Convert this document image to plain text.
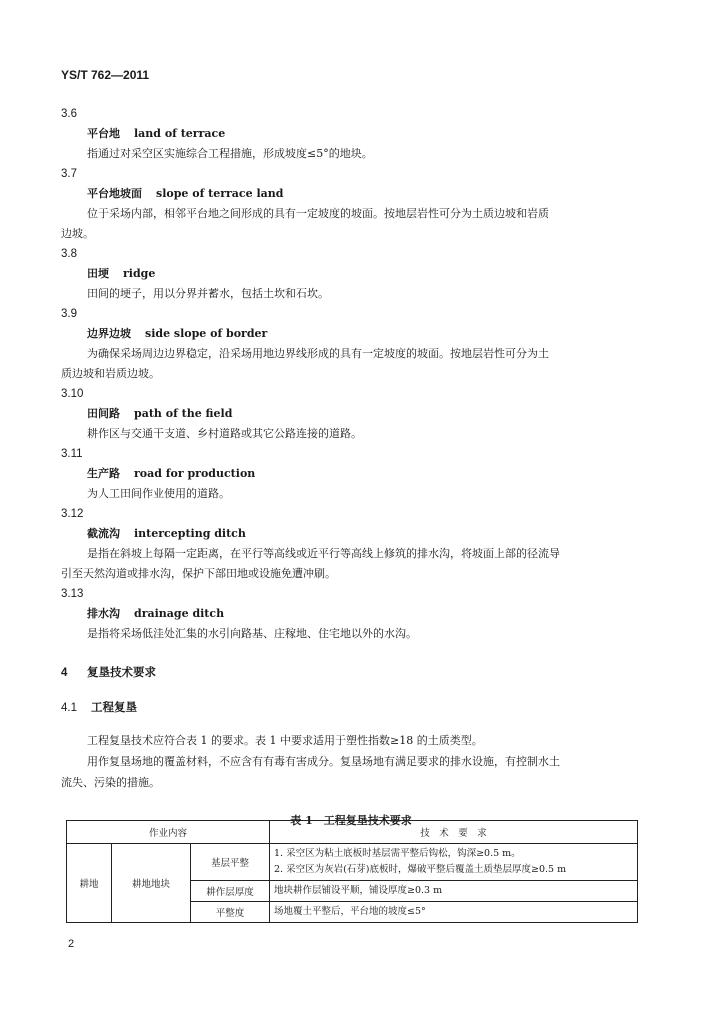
YS/T 762—2011
3.6
平台地 land of terrace
指通过对采空区实施综合工程措施，形成坡度≤5°的地块。
3.7
平台地坡面 slope of terrace land
位于采场内部，相邻平台地之间形成的具有一定坡度的坡面。按地层岩性可分为土质边坡和岩质
边坡。
3.8
田埂 ridge
田间的埂子，用以分界并蓄水，包括土坎和石坎。
3.9
边界边坡 side slope of border
为确保采场周边边界稳定，沿采场用地边界线形成的具有一定坡度的坡面。按地层岩性可分为土
质边坡和岩质边坡。
3.10
田间路 path of the field
耕作区与交通干支道、乡村道路或其它公路连接的道路。
3.11
生产路 road for production
为人工田间作业使用的道路。
3.12
截流沟 intercepting ditch
是指在斜坡上每隔一定距离，在平行等高线或近平行等高线上修筑的排水沟，将坡面上部的径流导
引至天然沟道或排水沟，保护下部田地或设施免遭冲刷。
3.13
排水沟 drainage ditch
是指将采场低洼处汇集的水引向路基、庄稼地、住宅地以外的水沟。
4 复垦技术要求
4.1 工程复垦
工程复垦技术应符合表 1 的要求。表 1 中要求适用于塑性指数≥18 的土质类型。
用作复垦场地的覆盖材料，不应含有有毒有害成分。复垦场地有满足要求的排水设施，有控制水土
流失、污染的措施。
表 1　工程复垦技术要求
作业内容			技　术　要　求
耕地	耕地地块	基层平整	1. 采空区为粘土底板时基层需平整后钩松，钩深≥0.5 m。
2. 采空区为灰岩(石芽)底板时，爆破平整后覆盖土质垫层厚度≥0.5 m

		耕作层厚度	地块耕作层铺设平顺，铺设厚度≥0.3 m

		平整度	场地覆土平整后，平台地的坡度≤5°
2
